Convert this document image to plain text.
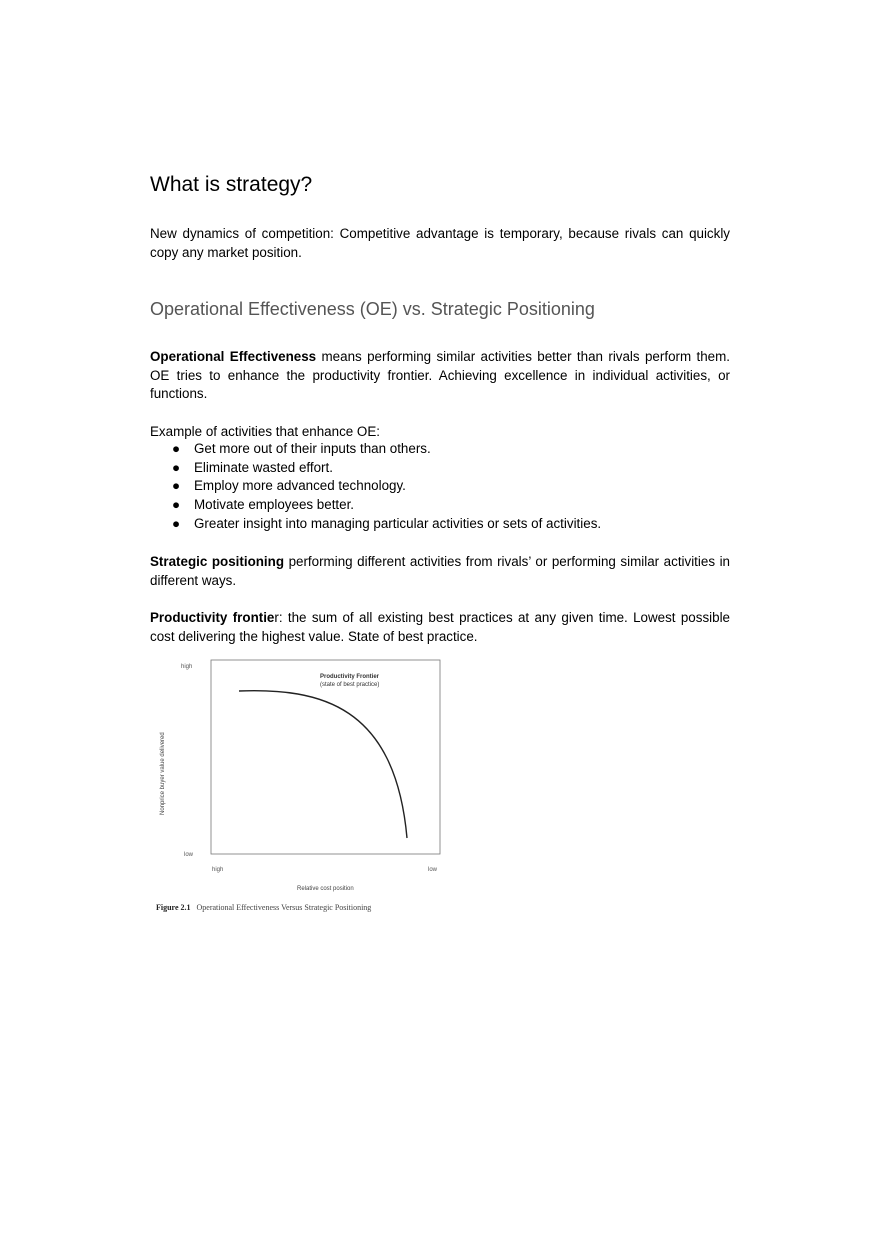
What is strategy?

New dynamics of competition: Competitive advantage is temporary, because rivals can quickly copy any market position.

Operational Effectiveness (OE) vs. Strategic Positioning

Operational Effectiveness means performing similar activities better than rivals perform them. OE tries to enhance the productivity frontier. Achieving excellence in individual activities, or functions.

Example of activities that enhance OE:

● Get more out of their inputs than others.
● Eliminate wasted effort.
● Employ more advanced technology.
● Motivate employees better.
● Greater insight into managing particular activities or sets of activities.

Strategic positioning performing different activities from rivals’ or performing similar activities in different ways.

Productivity frontier: the sum of all existing best practices at any given time. Lowest possible cost delivering the highest value. State of best practice.

high
low
high	low
Relative cost position
Nonprice buyer value delivered
Productivity Frontier
(state of best practice)
Figure 2.1 Operational Effectiveness Versus Strategic Positioning
